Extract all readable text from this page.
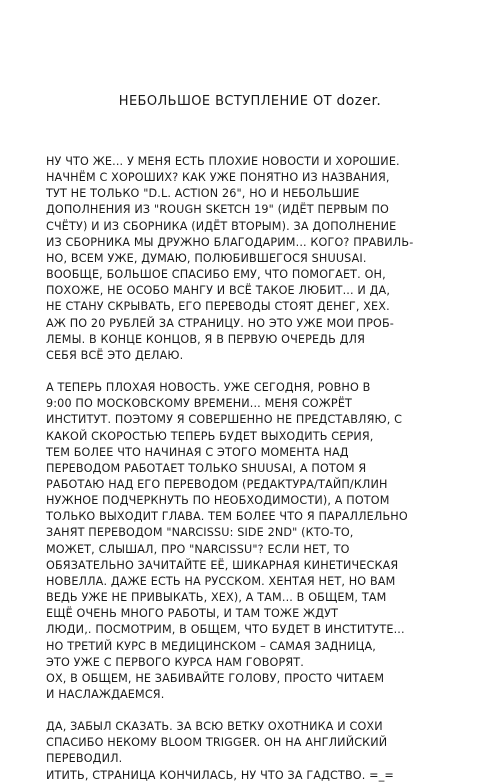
НЕБОЛЬШОЕ ВСТУПЛЕНИЕ ОТ dozer.
НУ ЧТО ЖЕ... У МЕНЯ ЕСТЬ ПЛОХИЕ НОВОСТИ И ХОРОШИЕ.
НАЧНЁМ С ХОРОШИХ? КАК УЖЕ ПОНЯТНО ИЗ НАЗВАНИЯ,
ТУТ НЕ ТОЛЬКО "D.L. ACTION 26", НО И НЕБОЛЬШИЕ
ДОПОЛНЕНИЯ ИЗ "ROUGH SKETCH 19" (ИДЁТ ПЕРВЫМ ПО
СЧЁТУ) И ИЗ СБОРНИКА (ИДЁТ ВТОРЫМ). ЗА ДОПОЛНЕНИЕ
ИЗ СБОРНИКА МЫ ДРУЖНО БЛАГОДАРИМ... КОГО? ПРАВИЛЬ-
НО, ВСЕМ УЖЕ, ДУМАЮ, ПОЛЮБИВШЕГОСЯ SHUUSAI.
ВООБЩЕ, БОЛЬШОЕ СПАСИБО ЕМУ, ЧТО ПОМОГАЕТ. ОН,
ПОХОЖЕ, НЕ ОСОБО МАНГУ И ВСЁ ТАКОЕ ЛЮБИТ... И ДА,
НЕ СТАНУ СКРЫВАТЬ, ЕГО ПЕРЕВОДЫ СТОЯТ ДЕНЕГ, ХЕХ.
АЖ ПО 20 РУБЛЕЙ ЗА СТРАНИЦУ. НО ЭТО УЖЕ МОИ ПРОБ-
ЛЕМЫ. В КОНЦЕ КОНЦОВ, Я В ПЕРВУЮ ОЧЕРЕДЬ ДЛЯ
СЕБЯ ВСЁ ЭТО ДЕЛАЮ.
А ТЕПЕРЬ ПЛОХАЯ НОВОСТЬ. УЖЕ СЕГОДНЯ, РОВНО В
9:00 ПО МОСКОВСКОМУ ВРЕМЕНИ... МЕНЯ СОЖРЁТ
ИНСТИТУТ. ПОЭТОМУ Я СОВЕРШЕННО НЕ ПРЕДСТАВЛЯЮ, С
КАКОЙ СКОРОСТЬЮ ТЕПЕРЬ БУДЕТ ВЫХОДИТЬ СЕРИЯ,
ТЕМ БОЛЕЕ ЧТО НАЧИНАЯ С ЭТОГО МОМЕНТА НАД
ПЕРЕВОДОМ РАБОТАЕТ ТОЛЬКО SHUUSAI, А ПОТОМ Я
РАБОТАЮ НАД ЕГО ПЕРЕВОДОМ (РЕДАКТУРА/ТАЙП/КЛИН
НУЖНОЕ ПОДЧЕРКНУТЬ ПО НЕОБХОДИМОСТИ), А ПОТОМ
ТОЛЬКО ВЫХОДИТ ГЛАВА. ТЕМ БОЛЕЕ ЧТО Я ПАРАЛЛЕЛЬНО
ЗАНЯТ ПЕРЕВОДОМ "NARCISSU: SIDE 2ND" (КТО-ТО,
МОЖЕТ, СЛЫШАЛ, ПРО "NARCISSU"? ЕСЛИ НЕТ, ТО
ОБЯЗАТЕЛЬНО ЗАЧИТАЙТЕ ЕЁ, ШИКАРНАЯ КИНЕТИЧЕСКАЯ
НОВЕЛЛА. ДАЖЕ ЕСТЬ НА РУССКОМ. ХЕНТАЯ НЕТ, НО ВАМ
ВЕДЬ УЖЕ НЕ ПРИВЫКАТЬ, ХЕХ), А ТАМ... В ОБЩЕМ, ТАМ
ЕЩЁ ОЧЕНЬ МНОГО РАБОТЫ, И ТАМ ТОЖЕ ЖДУТ
ЛЮДИ,. ПОСМОТРИМ, В ОБЩЕМ, ЧТО БУДЕТ В ИНСТИТУТЕ...
НО ТРЕТИЙ КУРС В МЕДИЦИНСКОМ – САМАЯ ЗАДНИЦА,
ЭТО УЖЕ С ПЕРВОГО КУРСА НАМ ГОВОРЯТ.
ОХ, В ОБЩЕМ, НЕ ЗАБИВАЙТЕ ГОЛОВУ, ПРОСТО ЧИТАЕМ
И НАСЛАЖДАЕМСЯ.
ДА, ЗАБЫЛ СКАЗАТЬ. ЗА ВСЮ ВЕТКУ ОХОТНИКА И СОХИ
СПАСИБО НЕКОМУ BLOOM TRIGGER. ОН НА АНГЛИЙСКИЙ
ПЕРЕВОДИЛ.
ИТИТЬ, СТРАНИЦА КОНЧИЛАСЬ, НУ ЧТО ЗА ГАДСТВО. =_=
